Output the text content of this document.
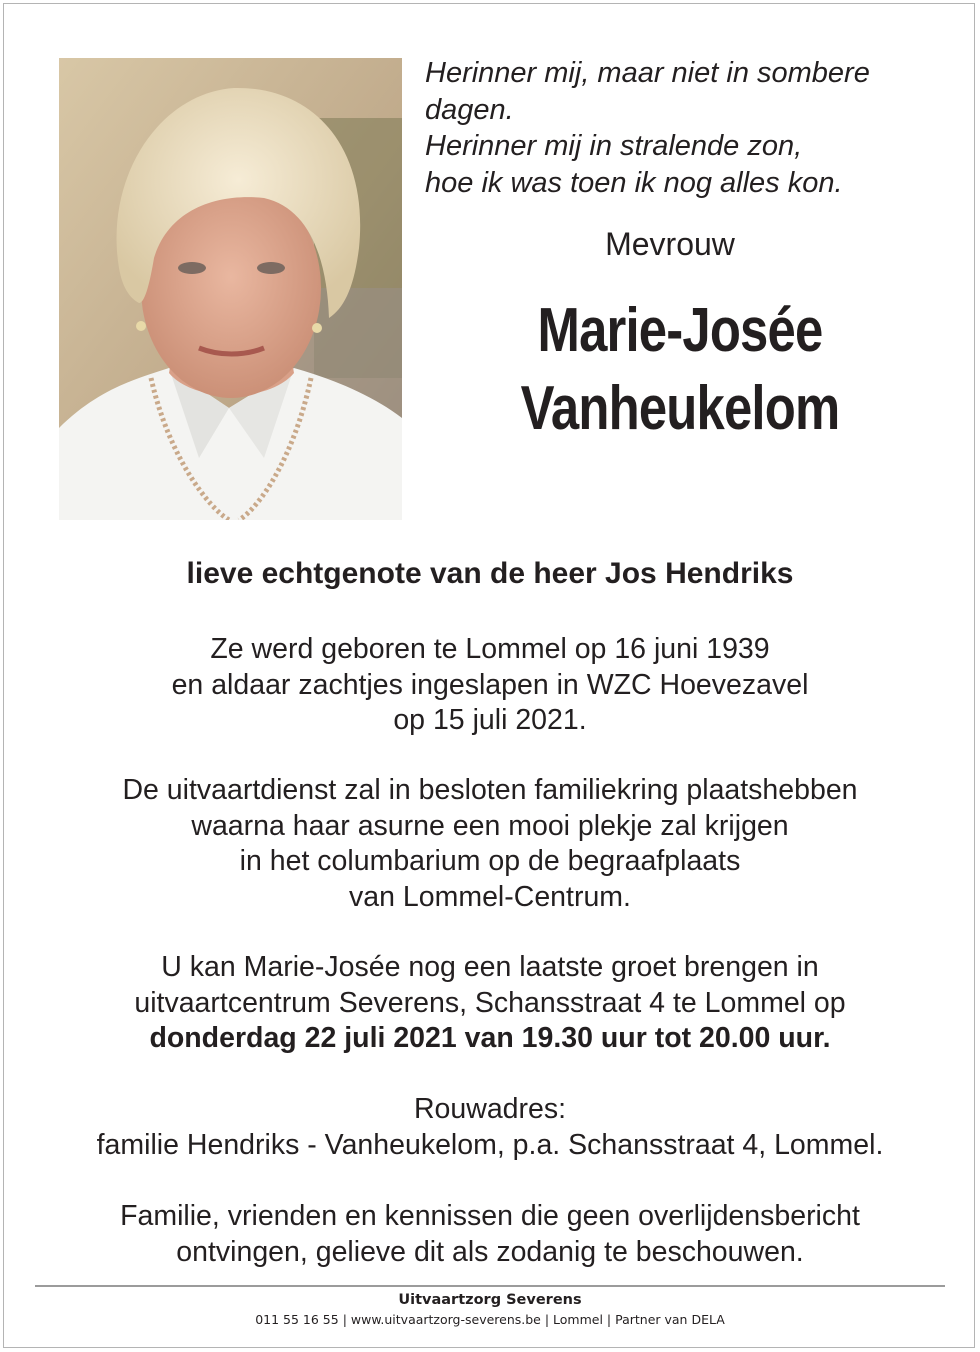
Herinner mij, maar niet in sombere
dagen.
Herinner mij in stralende zon,
hoe ik was toen ik nog alles kon.
Mevrouw
Marie-Josée
Vanheukelom
lieve echtgenote van de heer Jos Hendriks
Ze werd geboren te Lommel op 16 juni 1939
en aldaar zachtjes ingeslapen in WZC Hoevezavel
op 15 juli 2021.
De uitvaartdienst zal in besloten familiekring plaatshebben
waarna haar asurne een mooi plekje zal krijgen
in het columbarium op de begraafplaats
van Lommel-Centrum.
U kan Marie-Josée nog een laatste groet brengen in
uitvaartcentrum Severens, Schansstraat 4 te Lommel op
donderdag 22 juli 2021 van 19.30 uur tot 20.00 uur.
Rouwadres:
familie Hendriks - Vanheukelom, p.a. Schansstraat 4, Lommel.
Familie, vrienden en kennissen die geen overlijdensbericht
ontvingen, gelieve dit als zodanig te beschouwen.
Uitvaartzorg Severens
011 55 16 55 | www.uitvaartzorg-severens.be | Lommel | Partner van DELA
